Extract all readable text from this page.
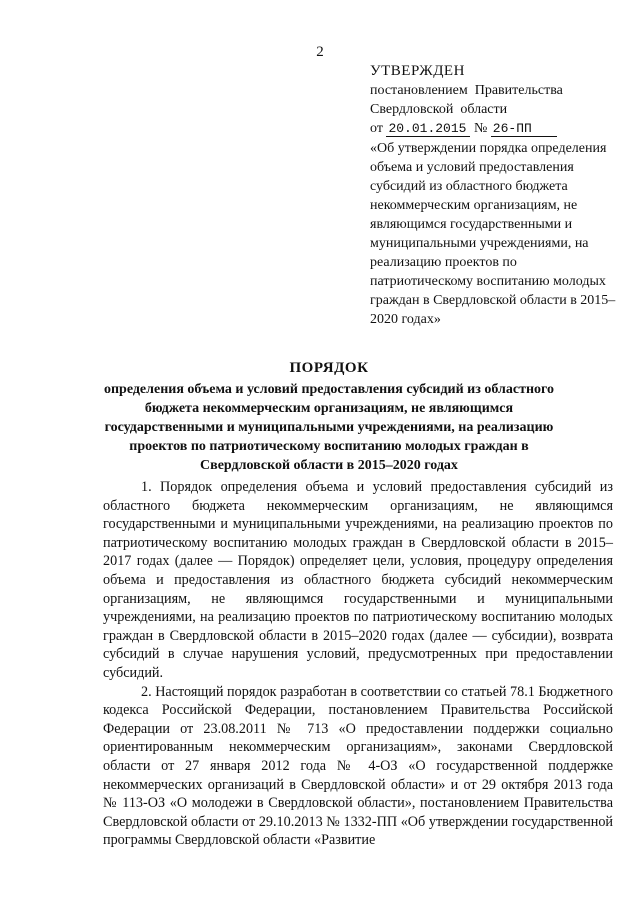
2
УТВЕРЖДЕН
постановлением  Правительства
Свердловской  области
от 20.01.2015 № 26-ПП
«Об утверждении порядка определения объема и условий предоставления субсидий из областного бюджета некоммерческим организациям, не являющимся государственными и муниципальными учреждениями, на реализацию проектов по патриотическому воспитанию молодых граждан в Свердловской области в 2015–2020 годах»
ПОРЯДОК
определения объема и условий предоставления субсидий из областного бюджета некоммерческим организациям, не являющимся государственными и муниципальными учреждениями, на реализацию проектов по патриотическому воспитанию молодых граждан в Свердловской области в 2015–2020 годах

1. Порядок определения объема и условий предоставления субсидий из областного бюджета некоммерческим организациям, не являющимся государственными и муниципальными учреждениями, на реализацию проектов по патриотическому воспитанию молодых граждан в Свердловской области в 2015–2017 годах (далее — Порядок) определяет цели, условия, процедуру определения объема и предоставления из областного бюджета субсидий некоммерческим организациям, не являющимся государственными и муниципальными учреждениями, на реализацию проектов по патриотическому воспитанию молодых граждан в Свердловской области в 2015–2020 годах (далее — субсидии), возврата субсидий в случае нарушения условий, предусмотренных при предоставлении субсидий.

2. Настоящий порядок разработан в соответствии со статьей 78.1 Бюджетного кодекса Российской Федерации, постановлением Правительства Российской Федерации от 23.08.2011 № 713 «О предоставлении поддержки социально ориентированным некоммерческим организациям», законами Свердловской области от 27 января 2012 года № 4-ОЗ «О государственной поддержке некоммерческих организаций в Свердловской области» и от 29 октября 2013 года № 113-ОЗ «О молодежи в Свердловской области», постановлением Правительства Свердловской области от 29.10.2013 № 1332-ПП «Об утверждении государственной программы Свердловской области «Развитие
